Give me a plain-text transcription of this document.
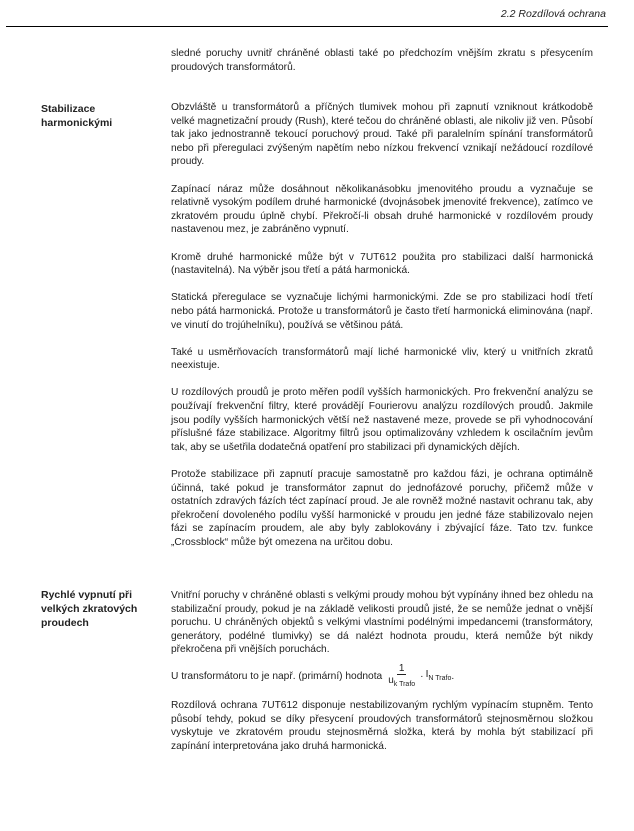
2.2 Rozdílová ochrana

sledné poruchy uvnitř chráněné oblasti také po předchozím vnějším zkratu s přesycením proudových transformátorů.

Stabilizace harmonickými

Obzvláště u transformátorů a příčných tlumivek mohou při zapnutí vzniknout krátkodobě velké magnetizační proudy (Rush), které tečou do chráněné oblasti, ale nikoliv již ven. Působí tak jako jednostranně tekoucí poruchový proud. Také při paralelním spínání transformátorů nebo při přeregulaci zvýšeným napětím nebo nízkou frekvencí vznikají nežádoucí rozdílové proudy.

Zapínací náraz může dosáhnout několikanásobku jmenovitého proudu a vyznačuje se relativně vysokým podílem druhé harmonické (dvojnásobek jmenovité frekvence), zatímco ve zkratovém proudu úplně chybí. Překročí-li obsah druhé harmonické v rozdílovém proudy nastavenou mez, je zabráněno vypnutí.

Kromě druhé harmonické může být v 7UT612 použita pro stabilizaci další harmonická (nastavitelná). Na výběr jsou třetí a pátá harmonická.

Statická přeregulace se vyznačuje lichými harmonickými. Zde se pro stabilizaci hodí třetí nebo pátá harmonická. Protože u transformátorů je často třetí harmonická eliminována (např. ve vinutí do trojúhelníku), používá se většinou pátá.

Také u usměrňovacích transformátorů mají liché harmonické vliv, který u vnitřních zkratů neexistuje.

U rozdílových proudů je proto měřen podíl vyšších harmonických. Pro frekvenční analýzu se používají frekvenční filtry, které provádějí Fourierovu analýzu rozdílových proudů. Jakmile jsou podíly vyšších harmonických větší než nastavené meze, provede se při vyhodnocování příslušné fáze stabilizace. Algoritmy filtrů jsou optimalizovány vzhledem k oscilačním jevům tak, aby se ušetřila dodatečná opatření pro stabilizaci při dynamických dějích.

Protože stabilizace při zapnutí pracuje samostatně pro každou fázi, je ochrana optimálně účinná, také pokud je transformátor zapnut do jednofázové poruchy, přičemž může v ostatních zdravých fázích téct zapínací proud. Je ale rovněž možné nastavit ochranu tak, aby překročení dovoleného podílu vyšší harmonické v proudu jen jedné fáze stabilizovalo nejen fázi se zapínacím proudem, ale aby byly zablokovány i zbývající fáze. Tato tzv. funkce „Crossblock“ může být omezena na určitou dobu.

Rychlé vypnutí při velkých zkratových proudech

Vnitřní poruchy v chráněné oblasti s velkými proudy mohou být vypínány ihned bez ohledu na stabilizační proudy, pokud je na základě velikosti proudů jisté, že se nemůže jednat o vnější poruchu. U chráněných objektů s velkými vlastními podélnými impedancemi (transformátory, generátory, podélné tlumivky) se dá nalézt hodnota proudu, která nemůže být nikdy překročena při vnějších poruchách.

U transformátoru to je např. (primární) hodnota $\frac{1}{u_{k Trafo}} \cdot I_{N Trafo}$ .

Rozdílová ochrana 7UT612 disponuje nestabilizovaným rychlým vypínacím stupněm. Tento působí tehdy, pokud se díky přesycení proudových transformátorů stejnosměrnou složkou vyskytuje ve zkratovém proudu stejnosměrná složka, která by mohla být stabilizací při zapínání interpretována jako druhá harmonická.
